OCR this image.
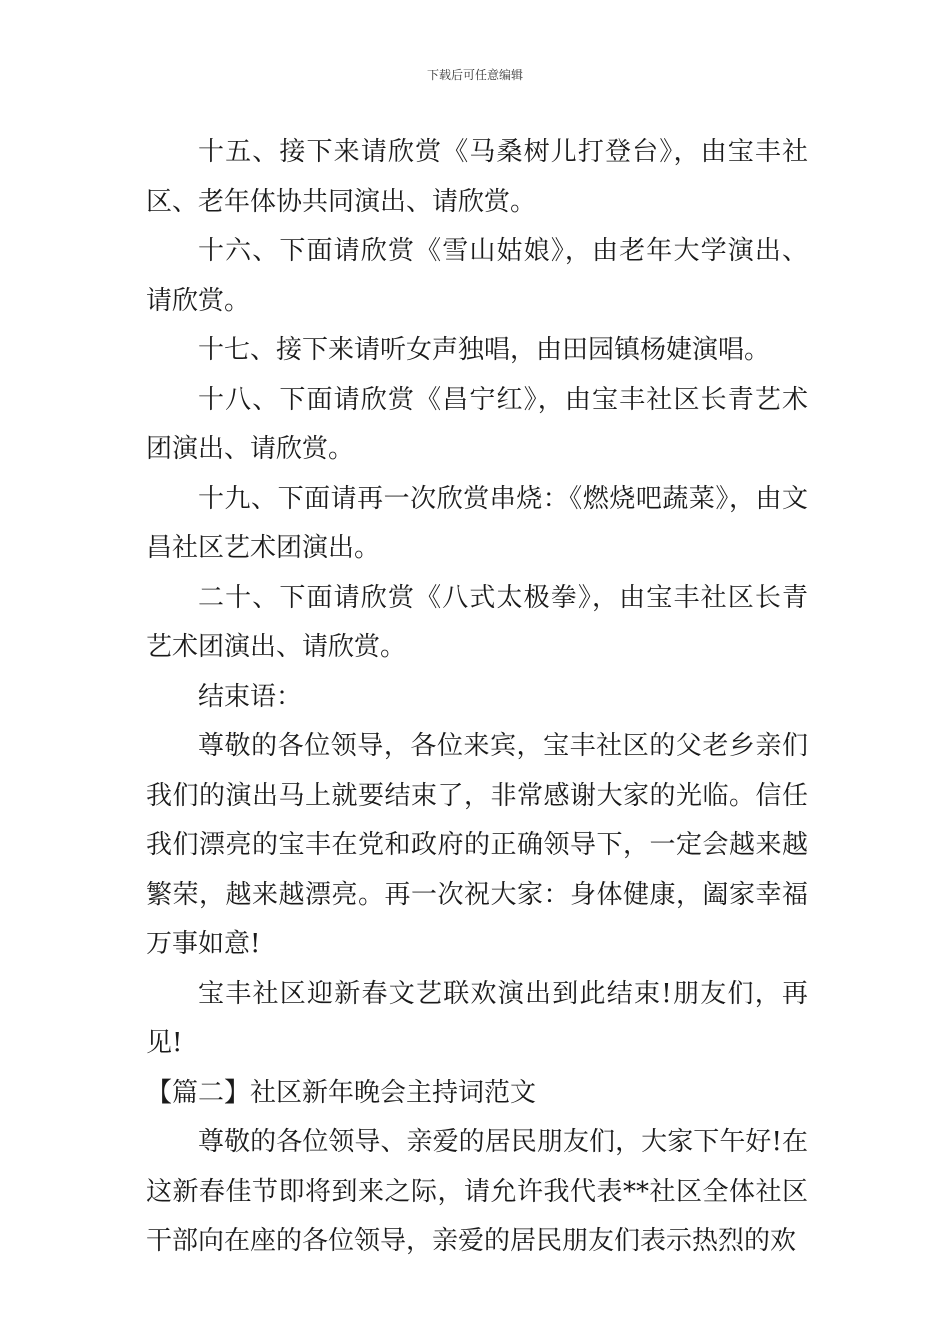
下载后可任意编辑

十五、接下来请欣赏《马桑树儿打登台》，由宝丰社区、老年体协共同演出、请欣赏。

十六、下面请欣赏《雪山姑娘》，由老年大学演出、请欣赏。

十七、接下来请听女声独唱，由田园镇杨婕演唱。

十八、下面请欣赏《昌宁红》，由宝丰社区长青艺术团演出、请欣赏。

十九、下面请再一次欣赏串烧：《燃烧吧蔬菜》，由文昌社区艺术团演出。

二十、下面请欣赏《八式太极拳》，由宝丰社区长青艺术团演出、请欣赏。

结束语：

尊敬的各位领导，各位来宾，宝丰社区的父老乡亲们我们的演出马上就要结束了，非常感谢大家的光临。信任我们漂亮的宝丰在党和政府的正确领导下，一定会越来越繁荣，越来越漂亮。再一次祝大家：身体健康，阖家幸福万事如意!

宝丰社区迎新春文艺联欢演出到此结束!朋友们，再见!

【篇二】社区新年晚会主持词范文

尊敬的各位领导、亲爱的居民朋友们，大家下午好!在这新春佳节即将到来之际，请允许我代表**社区全体社区干部向在座的各位领导，亲爱的居民朋友们表示热烈的欢
